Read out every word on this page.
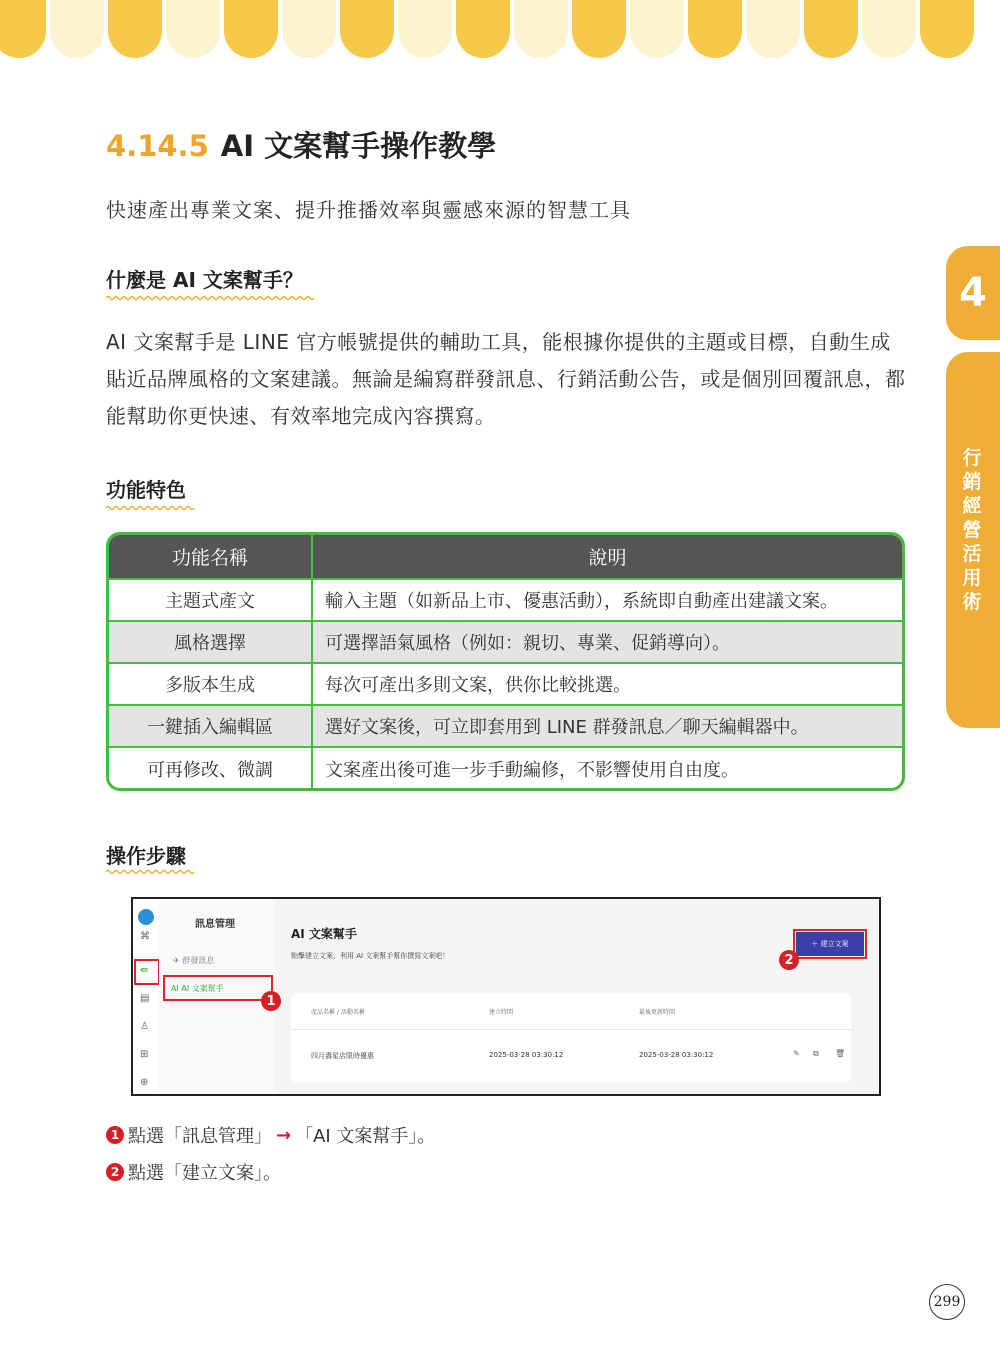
4
行銷經營活用術
4.14.5 AI 文案幫手操作教學
快速產出專業文案、提升推播效率與靈感來源的智慧工具
什麼是 AI 文案幫手？
AI 文案幫手是 LINE 官方帳號提供的輔助工具，能根據你提供的主題或目標，自動生成貼近品牌風格的文案建議。無論是編寫群發訊息、行銷活動公告，或是個別回覆訊息，都能幫助你更快速、有效率地完成內容撰寫。
功能特色
功能名稱	說明
主題式產文	輸入主題（如新品上市、優惠活動），系統即自動產出建議文案。
風格選擇	可選擇語氣風格（例如：親切、專業、促銷導向）。
多版本生成	每次可產出多則文案，供你比較挑選。
一鍵插入編輯區	選好文案後，可立即套用到 LINE 群發訊息／聊天編輯器中。
可再修改、微調	文案產出後可進一步手動編修，不影響使用自由度。
操作步驟
⌘
⇚
▤
♙
⊞
⊕
訊息管理
✈ 群發訊息
AI AI 文案幫手
AI 文案幫手
點擊建立文案，利用 AI 文案幫手幫你撰寫文案吧！
＋ 建立文案
產品名稱 / 活動名稱	建立時間	最後更新時間
四月壽星店限時優惠	2025-03-28 03:30:12	2025-03-28 03:30:12	✎ ⧉ 🗑
1
2
1 點選「訊息管理」 → 「AI 文案幫手」。
2 點選「建立文案」。
299
